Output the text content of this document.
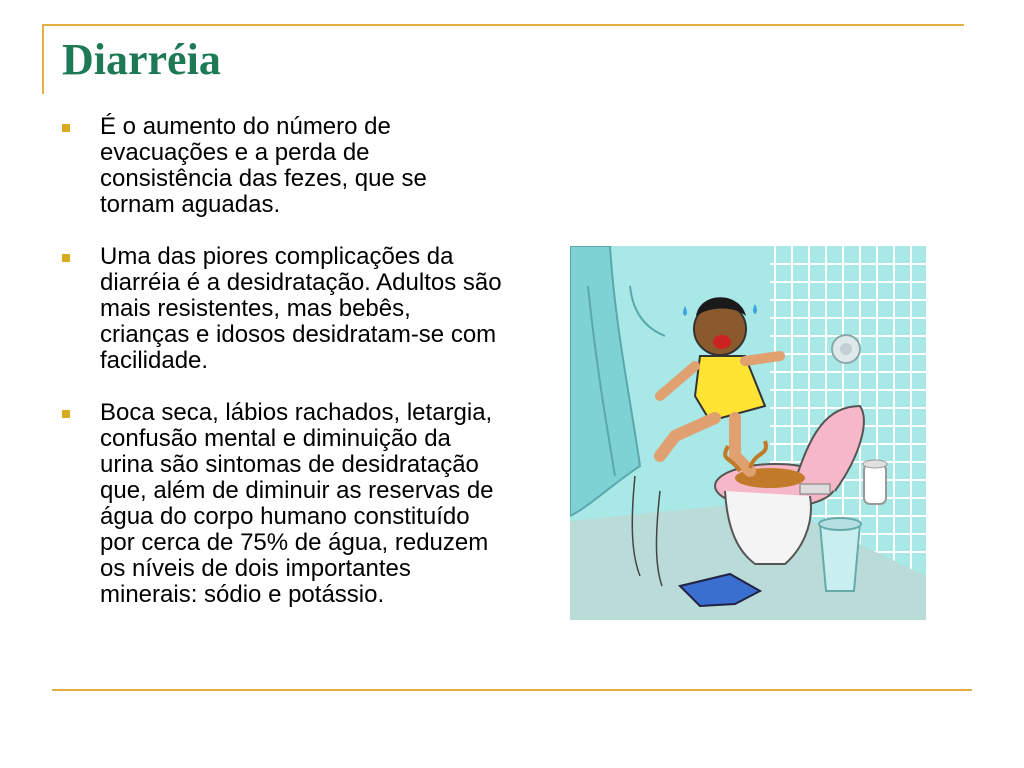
Diarréia
É o aumento do número de evacuações e a perda de consistência das fezes, que se tornam aguadas.
Uma das piores complicações da diarréia é a desidratação. Adultos são mais resistentes, mas bebês, crianças e idosos desidratam-se com facilidade.
Boca seca, lábios rachados, letargia, confusão mental e diminuição da urina são sintomas de desidratação que, além de diminuir as reservas de água do corpo humano constituído por cerca de 75% de água, reduzem os níveis de dois importantes minerais: sódio e potássio.
